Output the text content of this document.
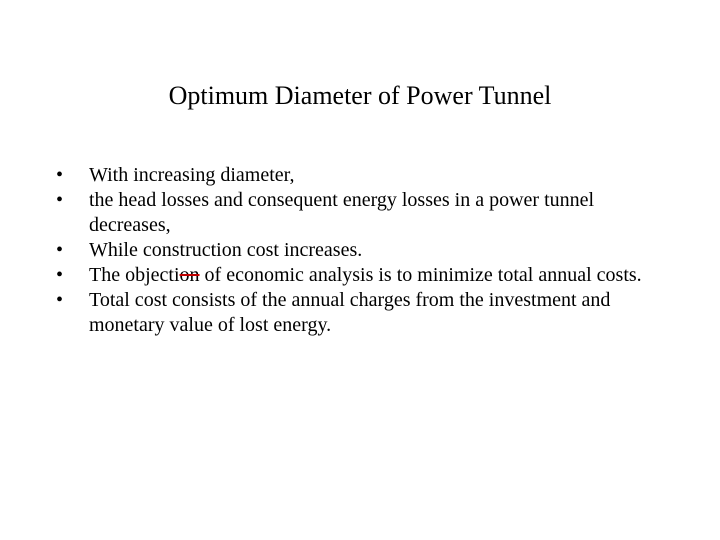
Optimum Diameter of Power Tunnel
• With increasing diameter,
• the head losses and consequent energy losses in a power tunnel decreases,
• While construction cost increases.
• The objection of economic analysis is to minimize total annual costs.
• Total cost consists of the annual charges from the investment and monetary value of lost energy.
